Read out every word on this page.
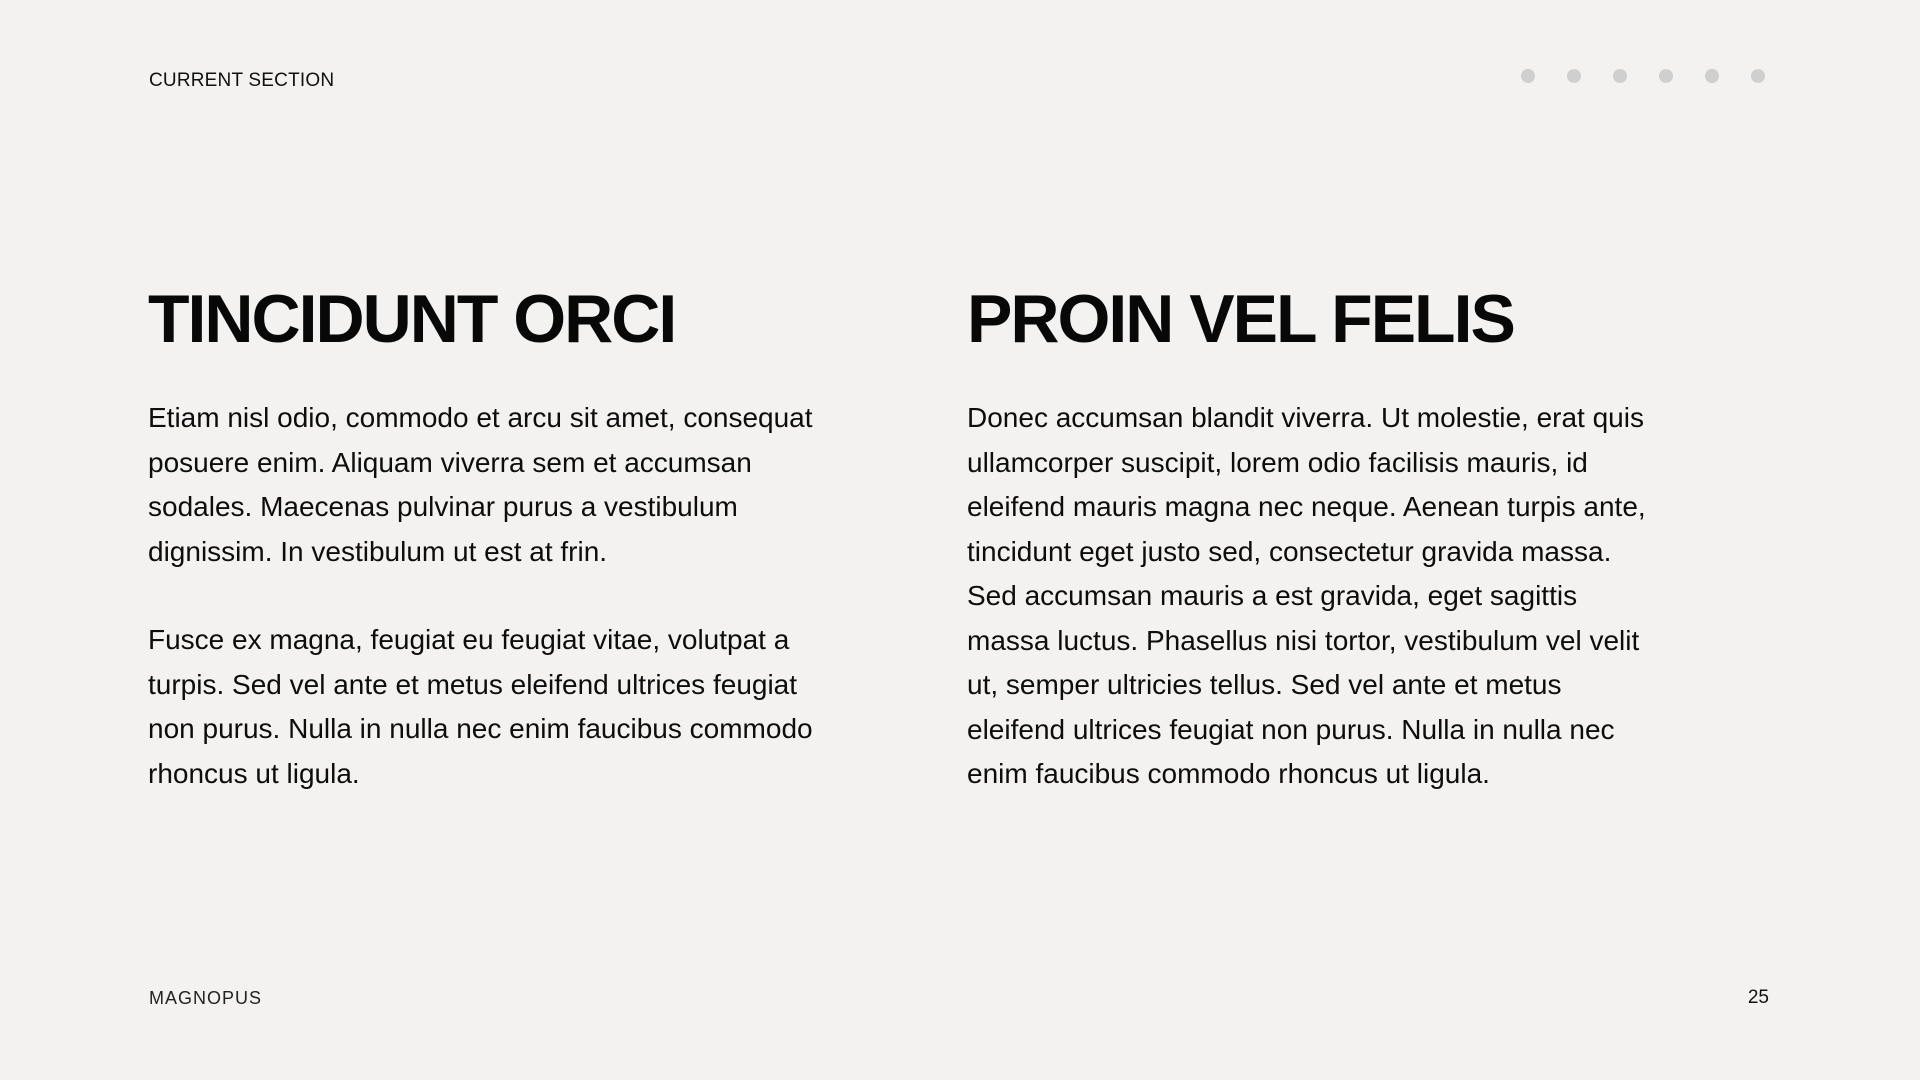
CURRENT SECTION
TINCIDUNT ORCI

Etiam nisl odio, commodo et arcu sit amet, consequat posuere enim. Aliquam viverra sem et accumsan sodales. Maecenas pulvinar purus a vestibulum dignissim. In vestibulum ut est at frin.

Fusce ex magna, feugiat eu feugiat vitae, volutpat a turpis. Sed vel ante et metus eleifend ultrices feugiat non purus. Nulla in nulla nec enim faucibus commodo rhoncus ut ligula.

PROIN VEL FELIS

Donec accumsan blandit viverra. Ut molestie, erat quis ullamcorper suscipit, lorem odio facilisis mauris, id eleifend mauris magna nec neque. Aenean turpis ante, tincidunt eget justo sed, consectetur gravida massa. Sed accumsan mauris a est gravida, eget sagittis massa luctus. Phasellus nisi tortor, vestibulum vel velit ut, semper ultricies tellus. Sed vel ante et metus eleifend ultrices feugiat non purus. Nulla in nulla nec enim faucibus commodo rhoncus ut ligula.

MAGNOPUS	25
